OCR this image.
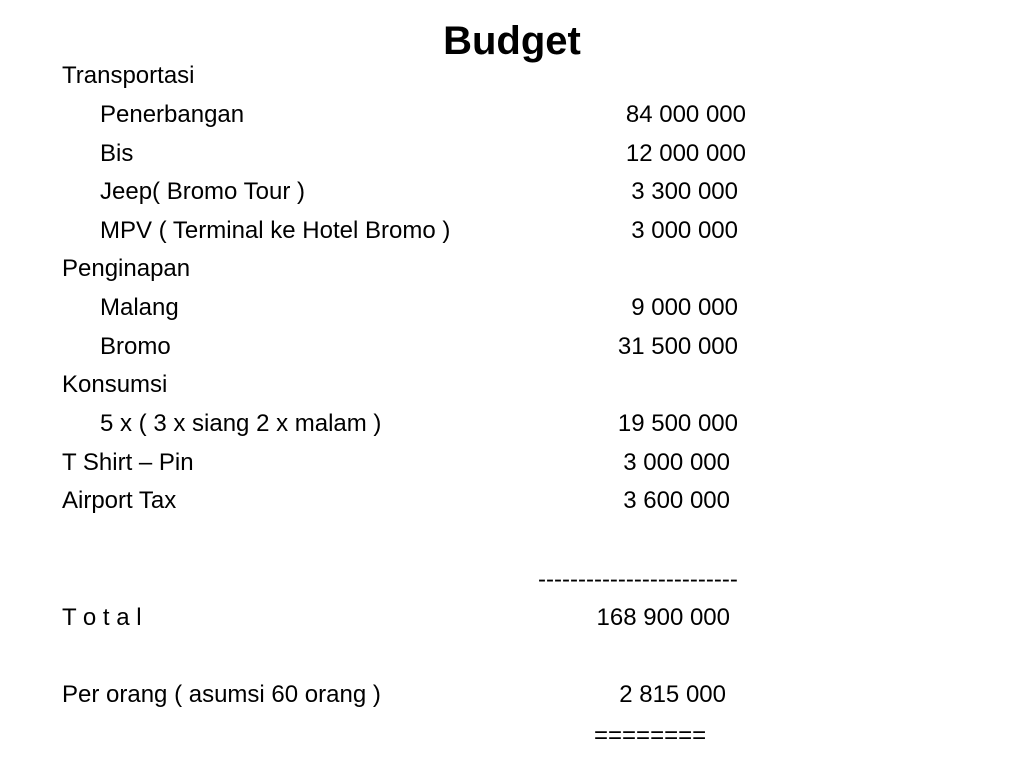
Budget
Transportasi
Penerbangan	84 000 000
Bis	12 000 000
Jeep( Bromo Tour )	3 300 000
MPV ( Terminal ke Hotel Bromo )	3 000 000
Penginapan
Malang	9 000 000
Bromo	31 500 000
Konsumsi
5 x ( 3 x siang 2 x malam )	19 500 000
T Shirt – Pin	3 000 000
Airport Tax	3 600 000
-------------------------
T o t a l	168 900 000
Per orang ( asumsi 60 orang )	2 815 000
========
